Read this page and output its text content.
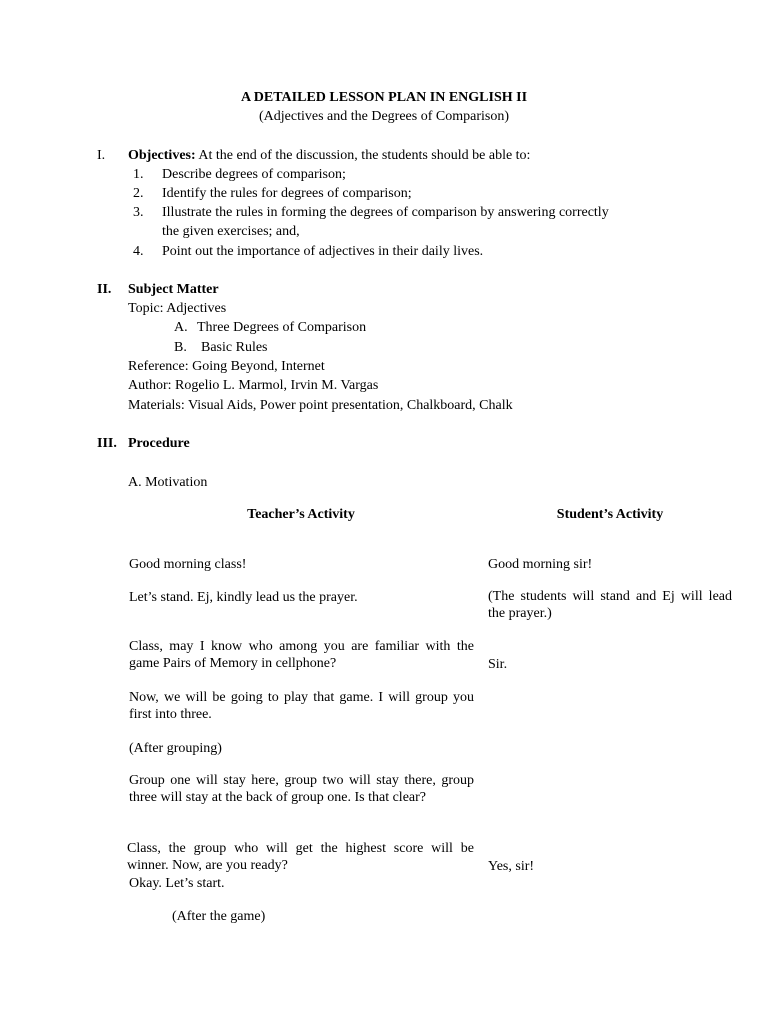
A DETAILED LESSON PLAN IN ENGLISH II
(Adjectives and the Degrees of Comparison)
I. Objectives: At the end of the discussion, the students should be able to:
1. Describe degrees of comparison;
2. Identify the rules for degrees of comparison;
3. Illustrate the rules in forming the degrees of comparison by answering correctly
the given exercises; and,
4. Point out the importance of adjectives in their daily lives.
II. Subject Matter
Topic: Adjectives
A. Three Degrees of Comparison
B. Basic Rules
Reference: Going Beyond, Internet
Author: Rogelio L. Marmol, Irvin M. Vargas
Materials: Visual Aids, Power point presentation, Chalkboard, Chalk
III. Procedure
A. Motivation
Teacher’s Activity	Student’s Activity
Good morning class!
Let’s stand. Ej, kindly lead us the prayer.
Class, may I know who among you are familiar with the game Pairs of Memory in cellphone?
Now, we will be going to play that game. I will group you first into three.
(After grouping)
Group one will stay here, group two will stay there, group three will stay at the back of group one. Is that clear?
Class, the group who will get the highest score will be winner. Now, are you ready?
Okay. Let’s start.
(After the game)
Good morning sir!
(The students will stand and Ej will lead the prayer.)
Sir.
Yes, sir!
